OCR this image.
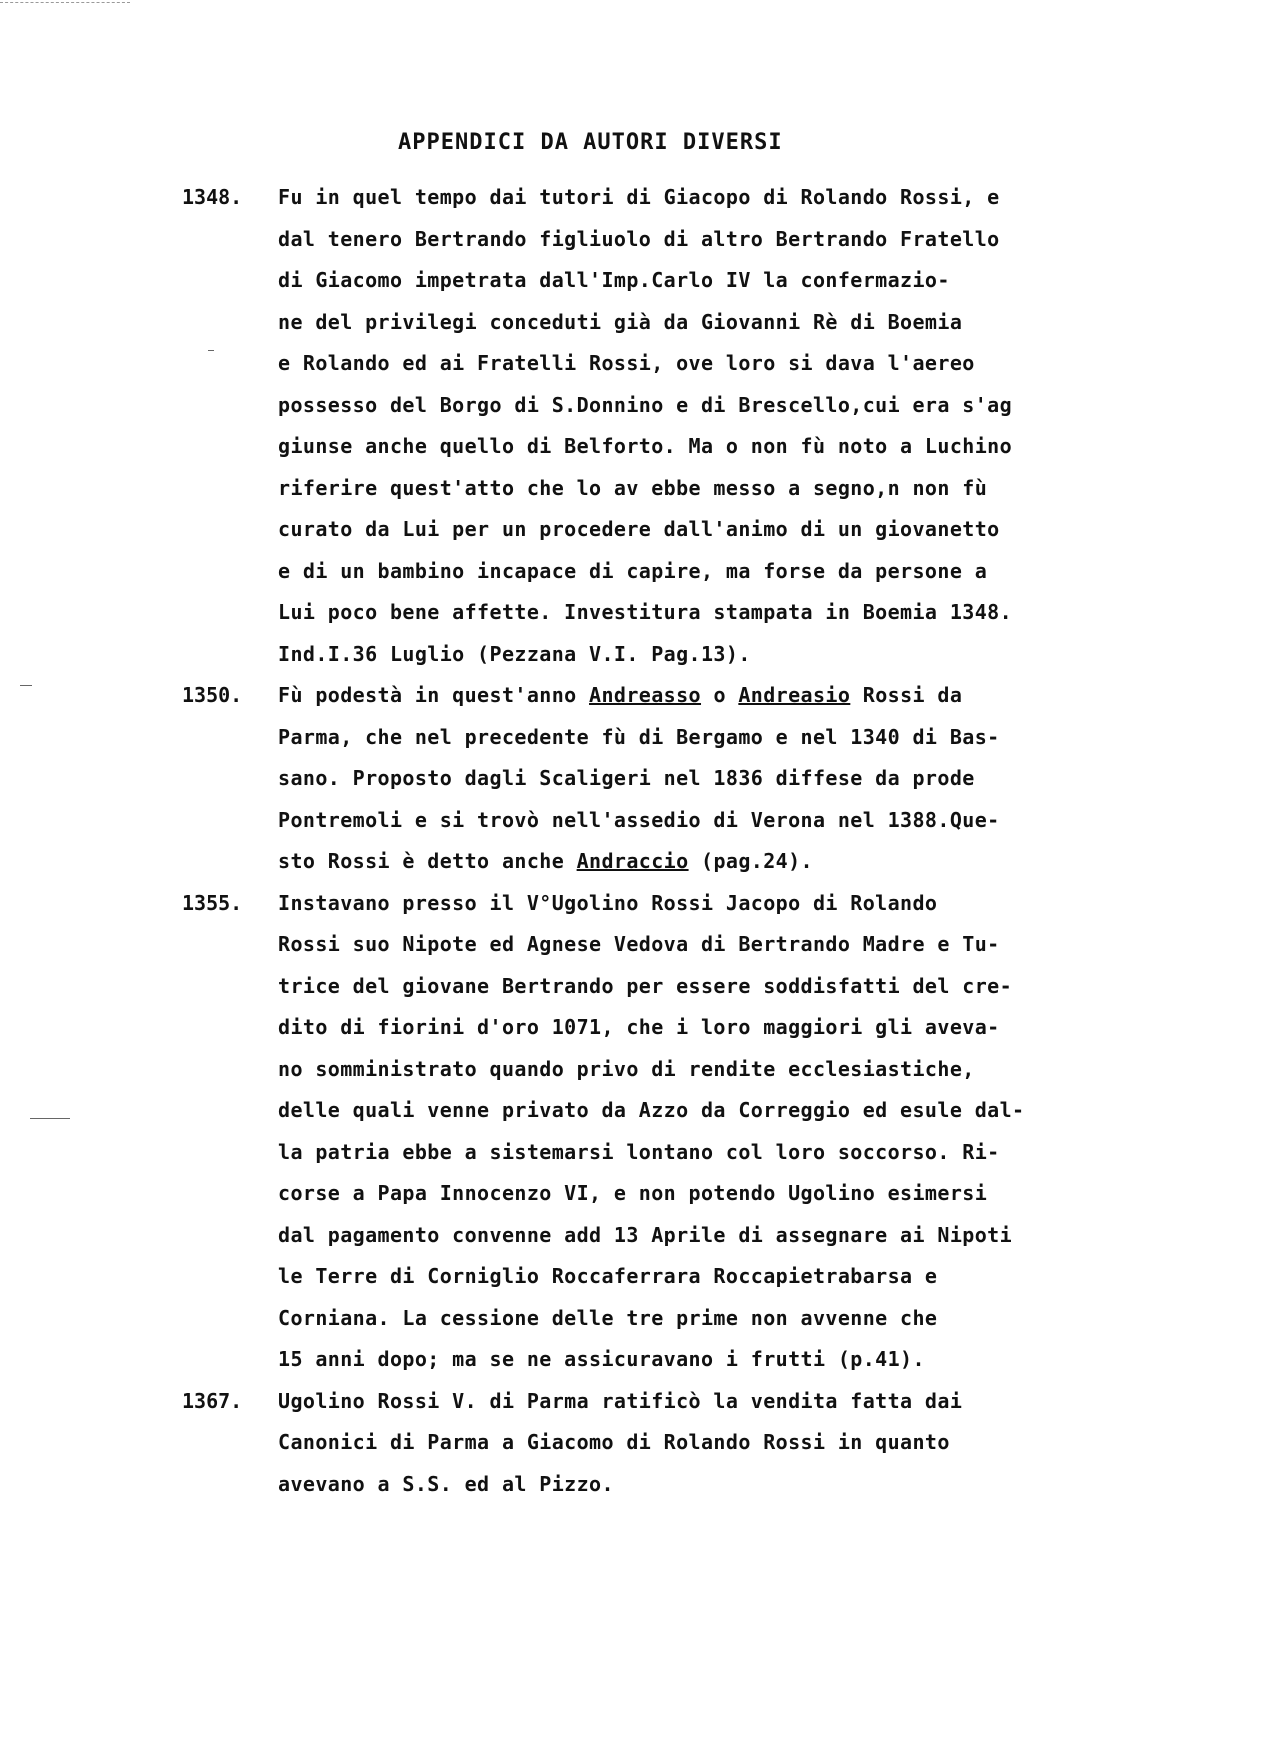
APPENDICI DA AUTORI DIVERSI
1348. Fu in quel tempo dai tutori di Giacopo di Rolando Rossi, e
dal tenero Bertrando figliuolo di altro Bertrando Fratello
di Giacomo impetrata dall'Imp.Carlo IV la confermazio-
ne del privilegi conceduti già da Giovanni Rè di Boemia
e Rolando ed ai Fratelli Rossi, ove loro si dava l'aereo
possesso del Borgo di S.Donnino e di Brescello,cui era s'ag
giunse anche quello di Belforto. Ma o non fù noto a Luchino
riferire quest'atto che lo av ebbe messo a segno,n non fù
curato da Lui per un procedere dall'animo di un giovanetto
e di un bambino incapace di capire, ma forse da persone a
Lui poco bene affette. Investitura stampata in Boemia 1348.
Ind.I.36 Luglio (Pezzana V.I. Pag.13).
1350. Fù podestà in quest'anno Andreasso o Andreasio Rossi da
Parma, che nel precedente fù di Bergamo e nel 1340 di Bas-
sano. Proposto dagli Scaligeri nel 1836 diffese da prode
Pontremoli e si trovò nell'assedio di Verona nel 1388.Que-
sto Rossi è detto anche Andraccio (pag.24).
1355. Instavano presso il V°Ugolino Rossi Jacopo di Rolando
Rossi suo Nipote ed Agnese Vedova di Bertrando Madre e Tu-
trice del giovane Bertrando per essere soddisfatti del cre-
dito di fiorini d'oro 1071, che i loro maggiori gli aveva-
no somministrato quando privo di rendite ecclesiastiche,
delle quali venne privato da Azzo da Correggio ed esule dal-
la patria ebbe a sistemarsi lontano col loro soccorso. Ri-
corse a Papa Innocenzo VI, e non potendo Ugolino esimersi
dal pagamento convenne add 13 Aprile di assegnare ai Nipoti
le Terre di Corniglio Roccaferrara Roccapietrabarsa e
Corniana. La cessione delle tre prime non avvenne che
15 anni dopo; ma se ne assicuravano i frutti (p.41).
1367. Ugolino Rossi V. di Parma ratificò la vendita fatta dai
Canonici di Parma a Giacomo di Rolando Rossi in quanto
avevano a S.S. ed al Pizzo.
